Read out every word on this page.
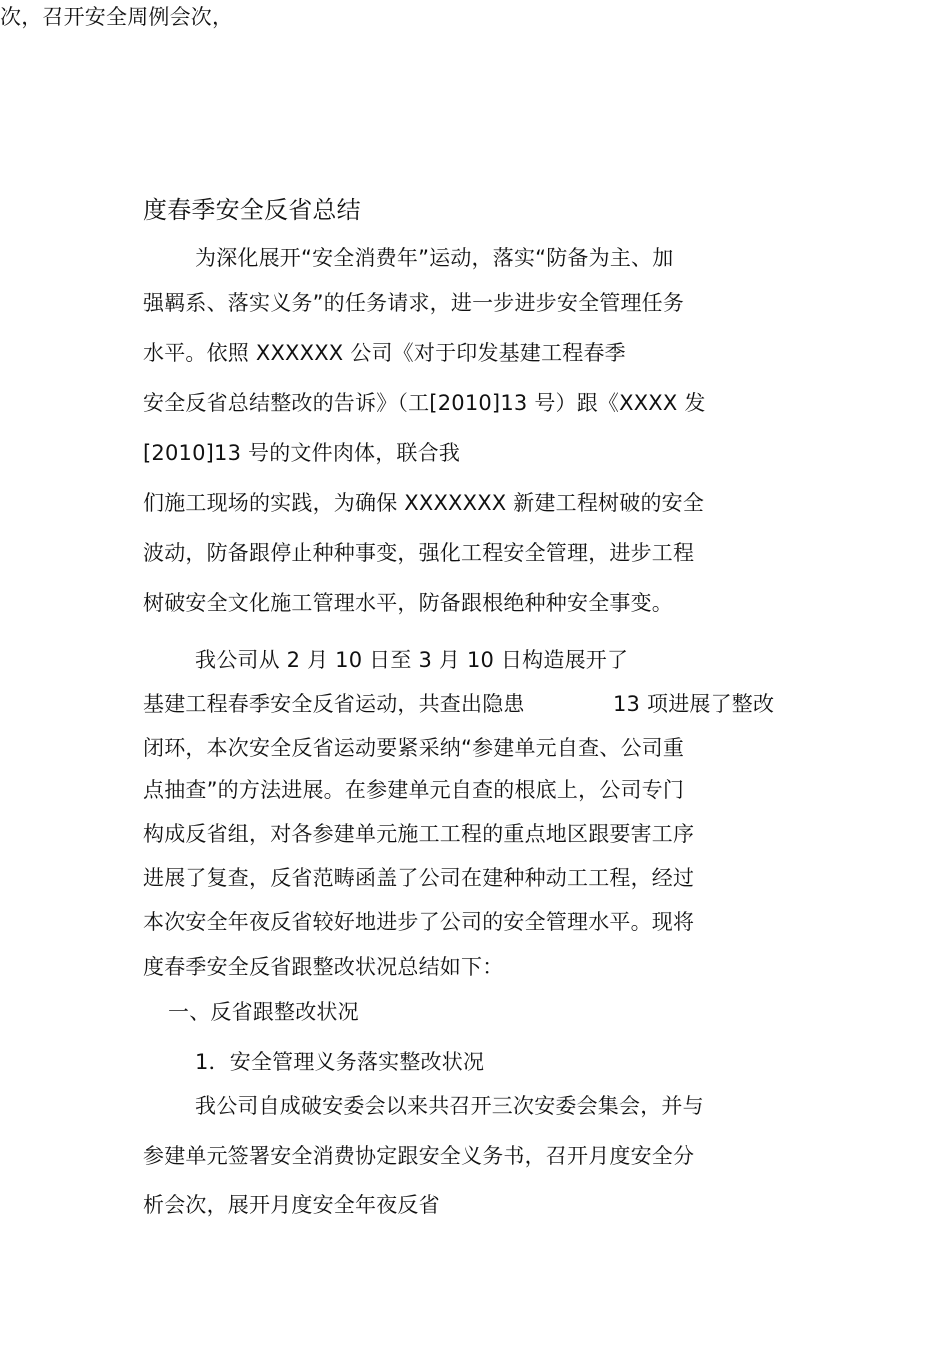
次，召开安全周例会次，
度春季安全反省总结
为深化展开“安全消费年”运动，落实“防备为主、加
强羁系、落实义务”的任务请求，进一步进步安全管理任务
水平。依照 XXXXXX 公司《对于印发基建工程春季
安全反省总结整改的告诉》（工[2010]13 号）跟《XXXX 发
[2010]13 号的文件肉体，联合我
们施工现场的实践，为确保 XXXXXXX 新建工程树破的安全
波动，防备跟停止种种事变，强化工程安全管理，进步工程
树破安全文化施工管理水平，防备跟根绝种种安全事变。
我公司从 2 月 10 日至 3 月 10 日构造展开了
基建工程春季安全反省运动，共查出隐患	13 项进展了整改
闭环，本次安全反省运动要紧采纳“参建单元自查、公司重
点抽查”的方法进展。在参建单元自查的根底上，公司专门
构成反省组，对各参建单元施工工程的重点地区跟要害工序
进展了复查，反省范畴函盖了公司在建种种动工工程，经过
本次安全年夜反省较好地进步了公司的安全管理水平。现将
度春季安全反省跟整改状况总结如下：
一、反省跟整改状况
1．安全管理义务落实整改状况
我公司自成破安委会以来共召开三次安委会集会，并与
参建单元签署安全消费协定跟安全义务书，召开月度安全分
析会次，展开月度安全年夜反省
